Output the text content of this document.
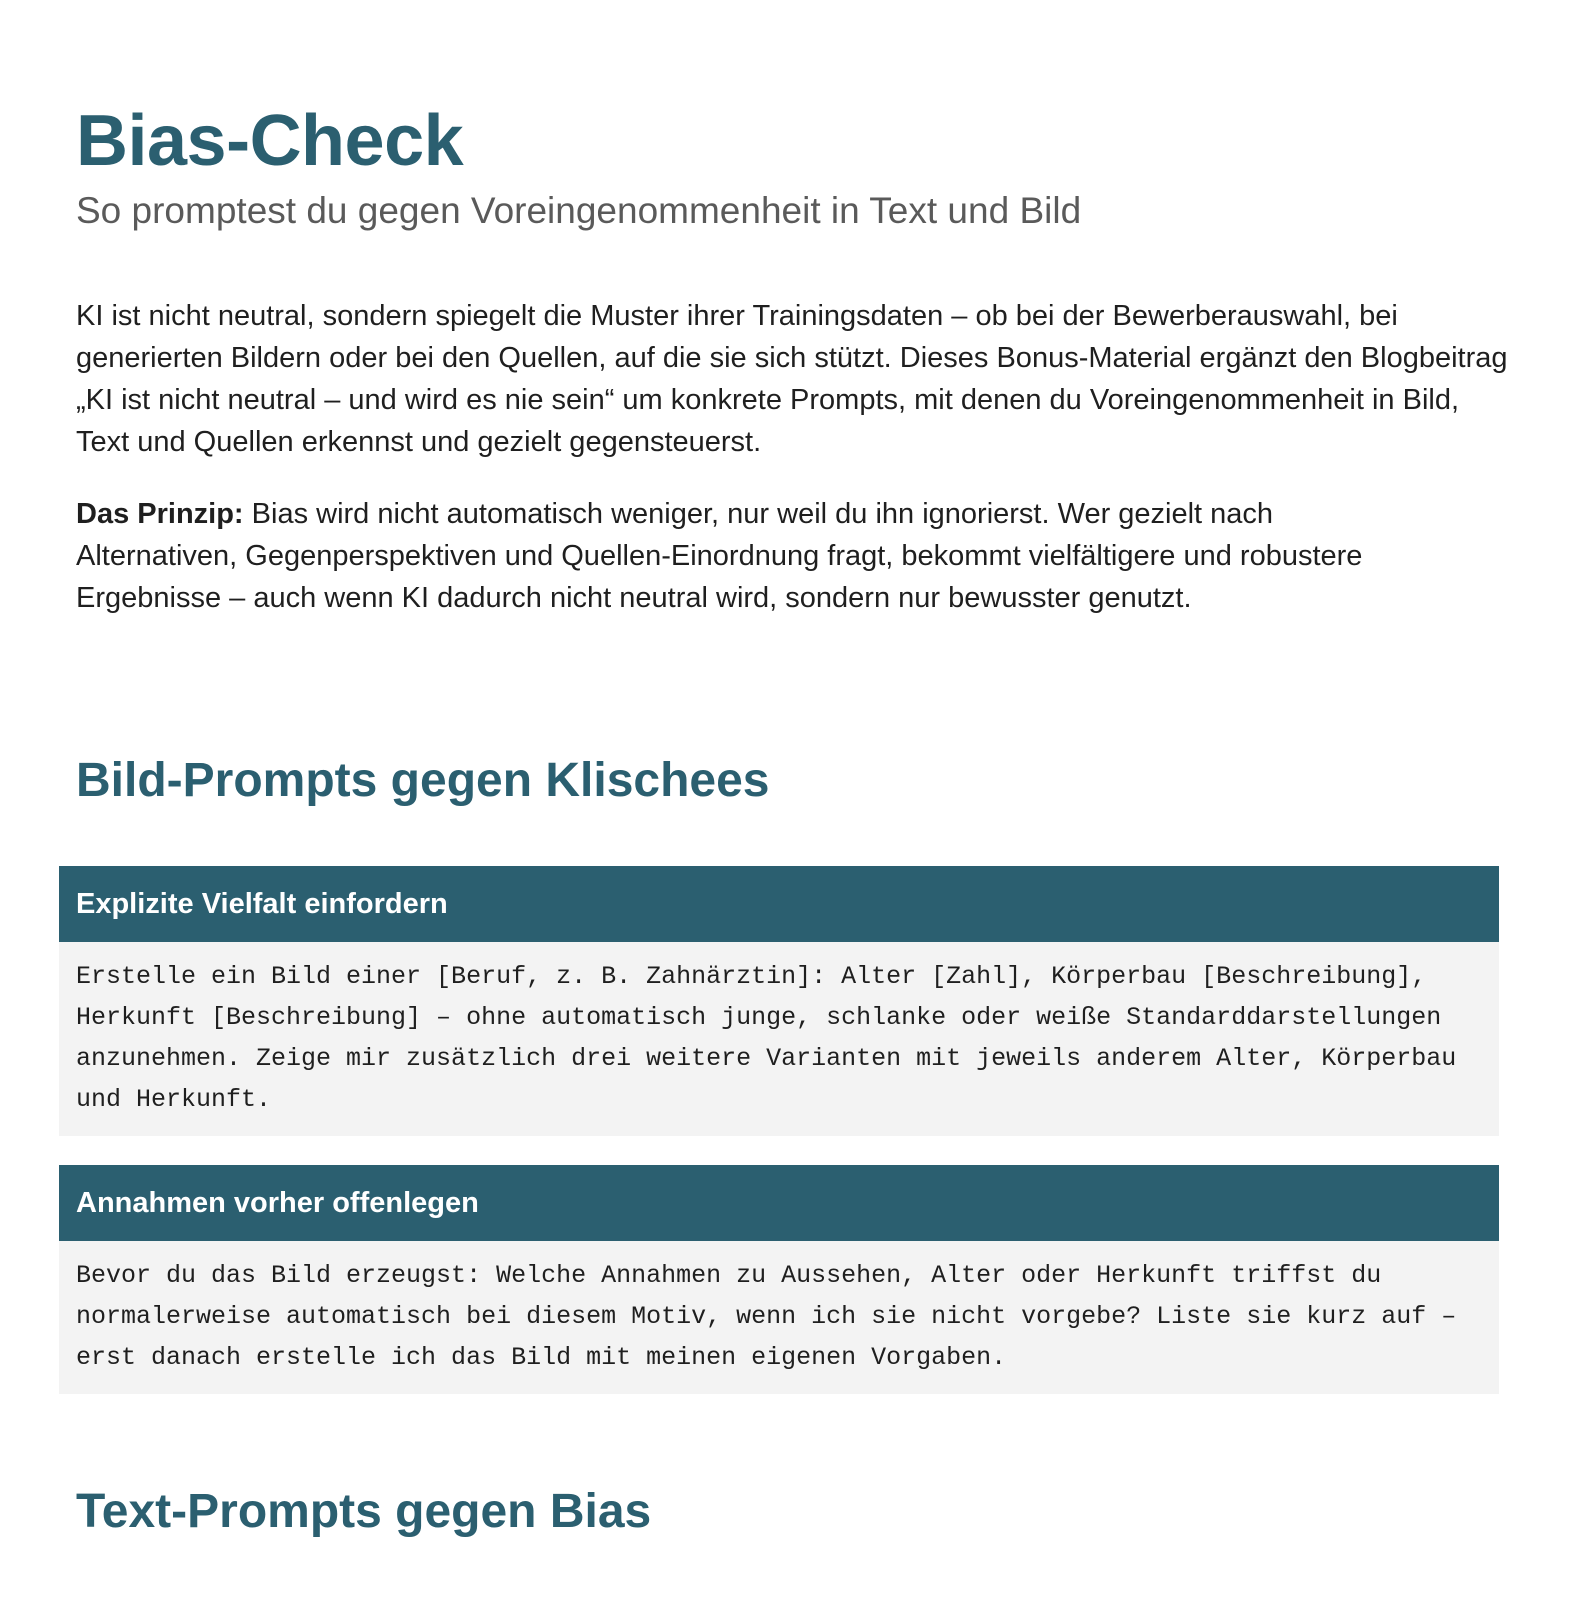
Bias-Check

So promptest du gegen Voreingenommenheit in Text und Bild

KI ist nicht neutral, sondern spiegelt die Muster ihrer Trainingsdaten – ob bei der Bewerberauswahl, bei generierten Bildern oder bei den Quellen, auf die sie sich stützt. Dieses Bonus-Material ergänzt den Blogbeitrag „KI ist nicht neutral – und wird es nie sein“ um konkrete Prompts, mit denen du Voreingenommenheit in Bild, Text und Quellen erkennst und gezielt gegensteuerst.

Das Prinzip: Bias wird nicht automatisch weniger, nur weil du ihn ignorierst. Wer gezielt nach Alternativen, Gegenperspektiven und Quellen-Einordnung fragt, bekommt vielfältigere und robustere Ergebnisse – auch wenn KI dadurch nicht neutral wird, sondern nur bewusster genutzt.

Bild-Prompts gegen Klischees
Explizite Vielfalt einfordern
Erstelle ein Bild einer [Beruf, z. B. Zahnärztin]: Alter [Zahl], Körperbau [Beschreibung], Herkunft [Beschreibung] – ohne automatisch junge, schlanke oder weiße Standarddarstellungen anzunehmen. Zeige mir zusätzlich drei weitere Varianten mit jeweils anderem Alter, Körperbau und Herkunft.
Annahmen vorher offenlegen
Bevor du das Bild erzeugst: Welche Annahmen zu Aussehen, Alter oder Herkunft triffst du normalerweise automatisch bei diesem Motiv, wenn ich sie nicht vorgebe? Liste sie kurz auf – erst danach erstelle ich das Bild mit meinen eigenen Vorgaben.
Text-Prompts gegen Bias
